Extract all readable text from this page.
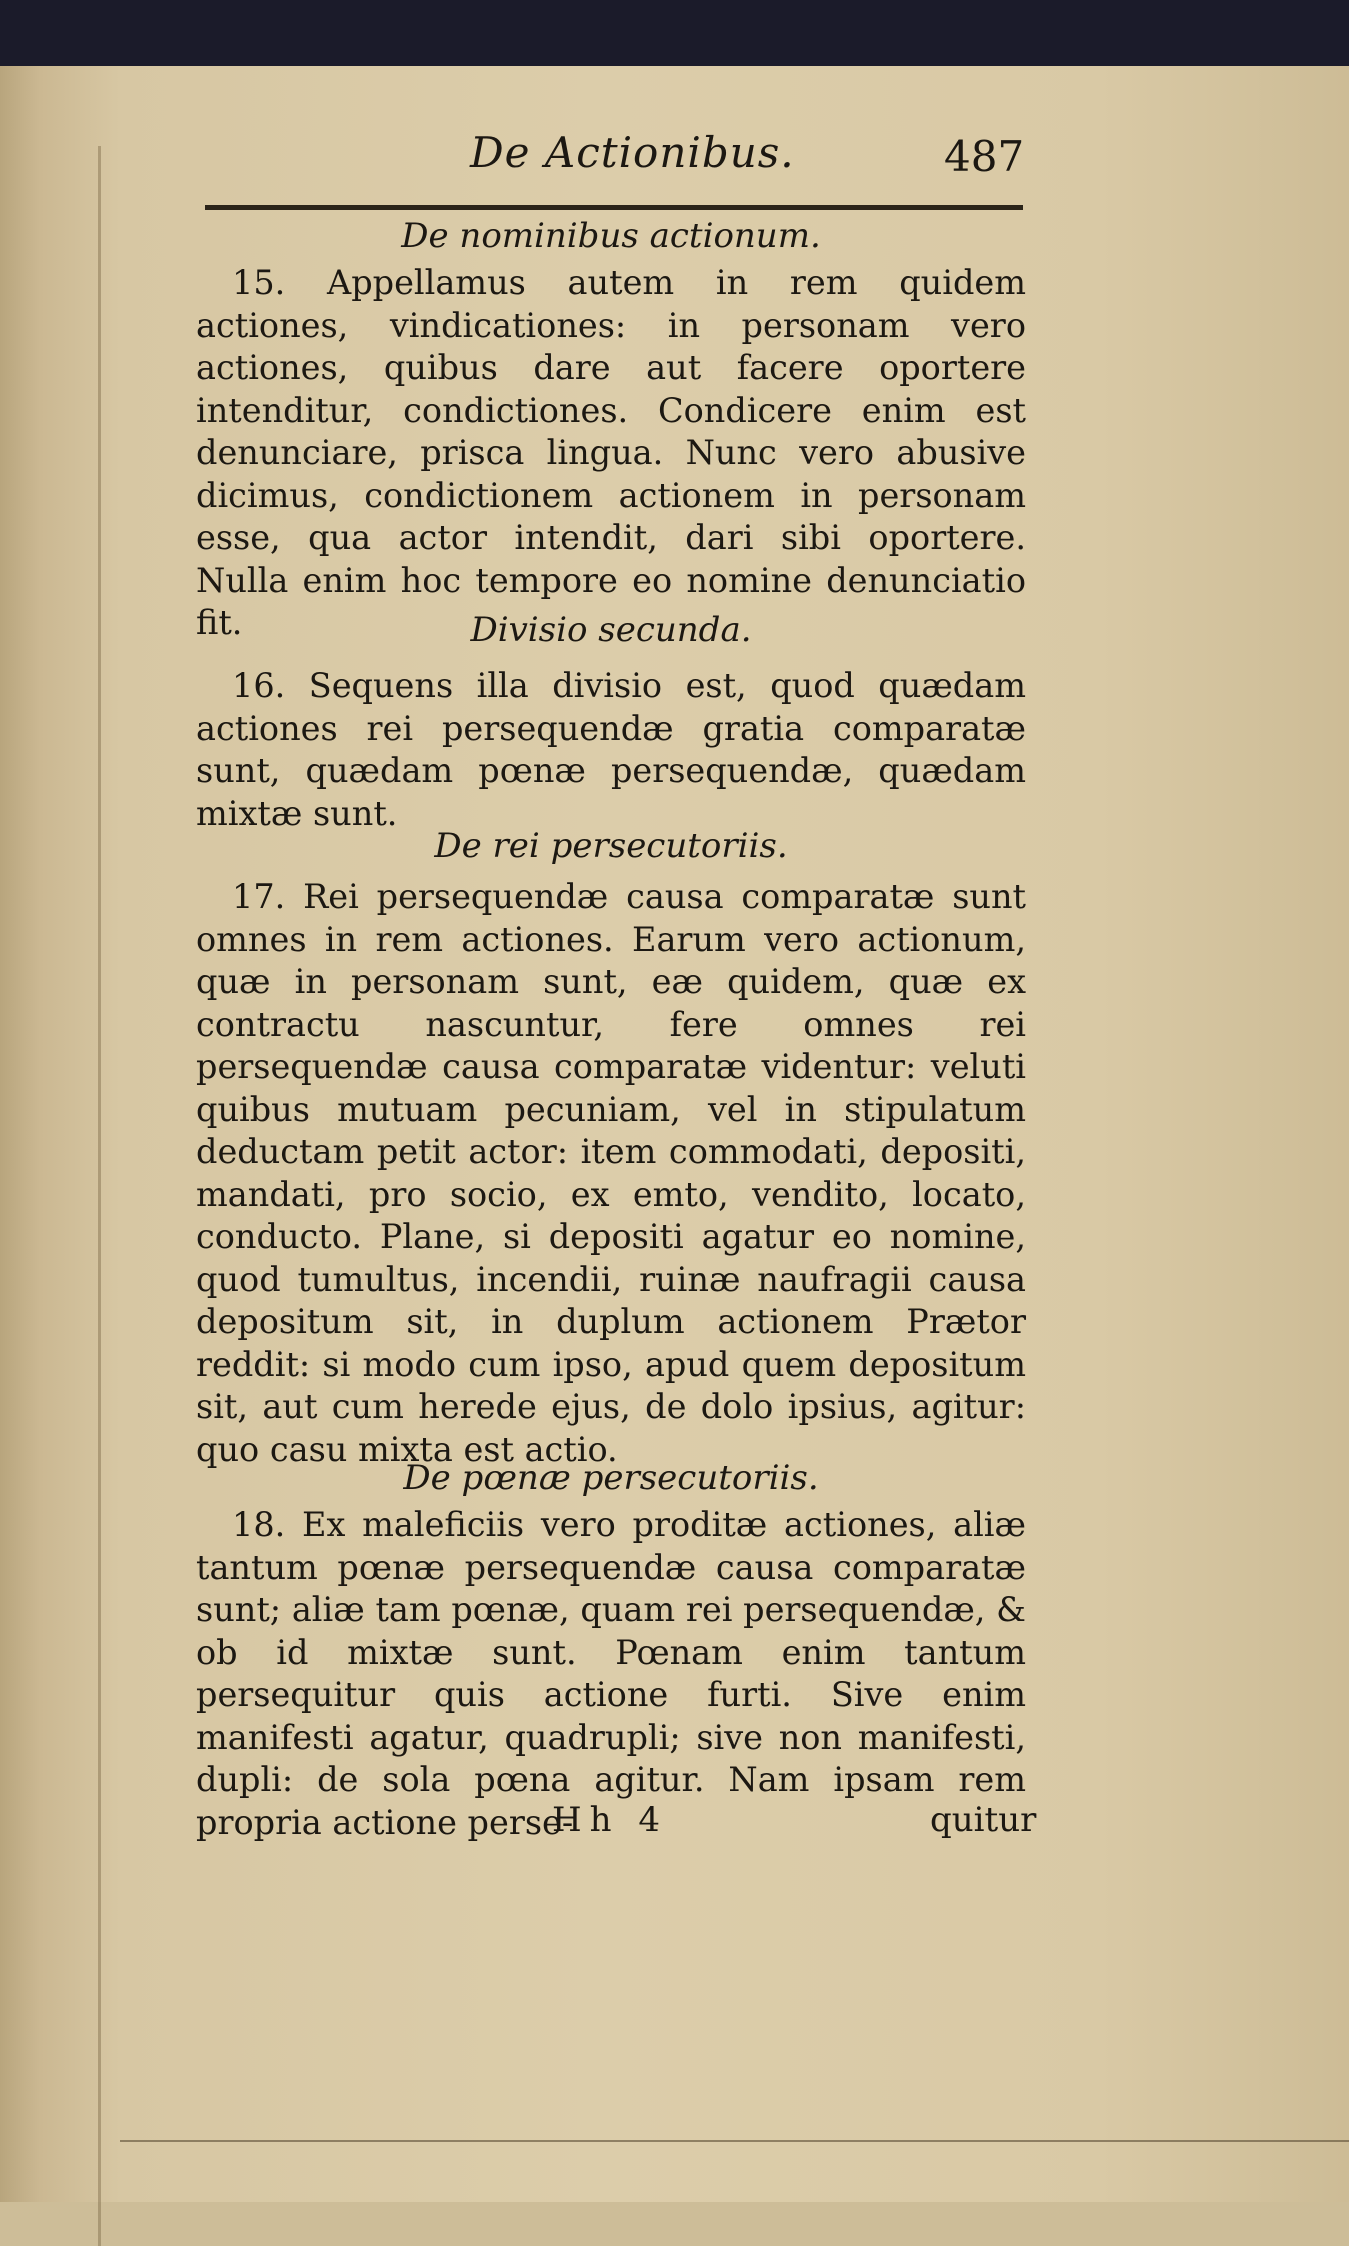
De Actionibus.	487
De nominibus actionum.

15. Appellamus autem in rem quidem actiones, vindicationes: in personam vero actiones, quibus dare aut facere oportere intenditur, condictiones. Condicere enim est denunciare, prisca lingua. Nunc vero abusive dicimus, condictionem actionem in personam esse, qua actor intendit, dari sibi oportere. Nulla enim hoc tempore eo nomine denunciatio fit.	Divisio secunda.

16. Sequens illa divisio est, quod quædam actiones rei persequendæ gratia comparatæ sunt, quædam pœnæ persequendæ, quædam mixtæ sunt.

De rei persecutoriis.

17. Rei persequendæ causa comparatæ sunt omnes in rem actiones. Earum vero actionum, quæ in personam sunt, eæ quidem, quæ ex contractu nascuntur, fere omnes rei persequendæ causa comparatæ videntur: veluti quibus mutuam pecuniam, vel in stipulatum deductam petit actor: item commodati, depositi, mandati, pro socio, ex emto, vendito, locato, conducto. Plane, si depositi agatur eo nomine, quod tumultus, incendii, ruinæ naufragii causa depositum sit, in duplum actionem Prætor reddit: si modo cum ipso, apud quem depositum sit, aut cum herede ejus, de dolo ipsius, agitur: quo casu mixta est actio.

De pœnæ persecutoriis.

18. Ex maleficiis vero proditæ actiones, aliæ tantum pœnæ persequendæ causa comparatæ sunt; aliæ tam pœnæ, quam rei persequendæ, & ob id mixtæ sunt. Pœnam enim tantum persequitur quis actione furti. Sive enim manifesti agatur, quadrupli; sive non manifesti, dupli: de sola pœna agitur. Nam ipsam rem propria actione perse-

Hh 4	quitur
